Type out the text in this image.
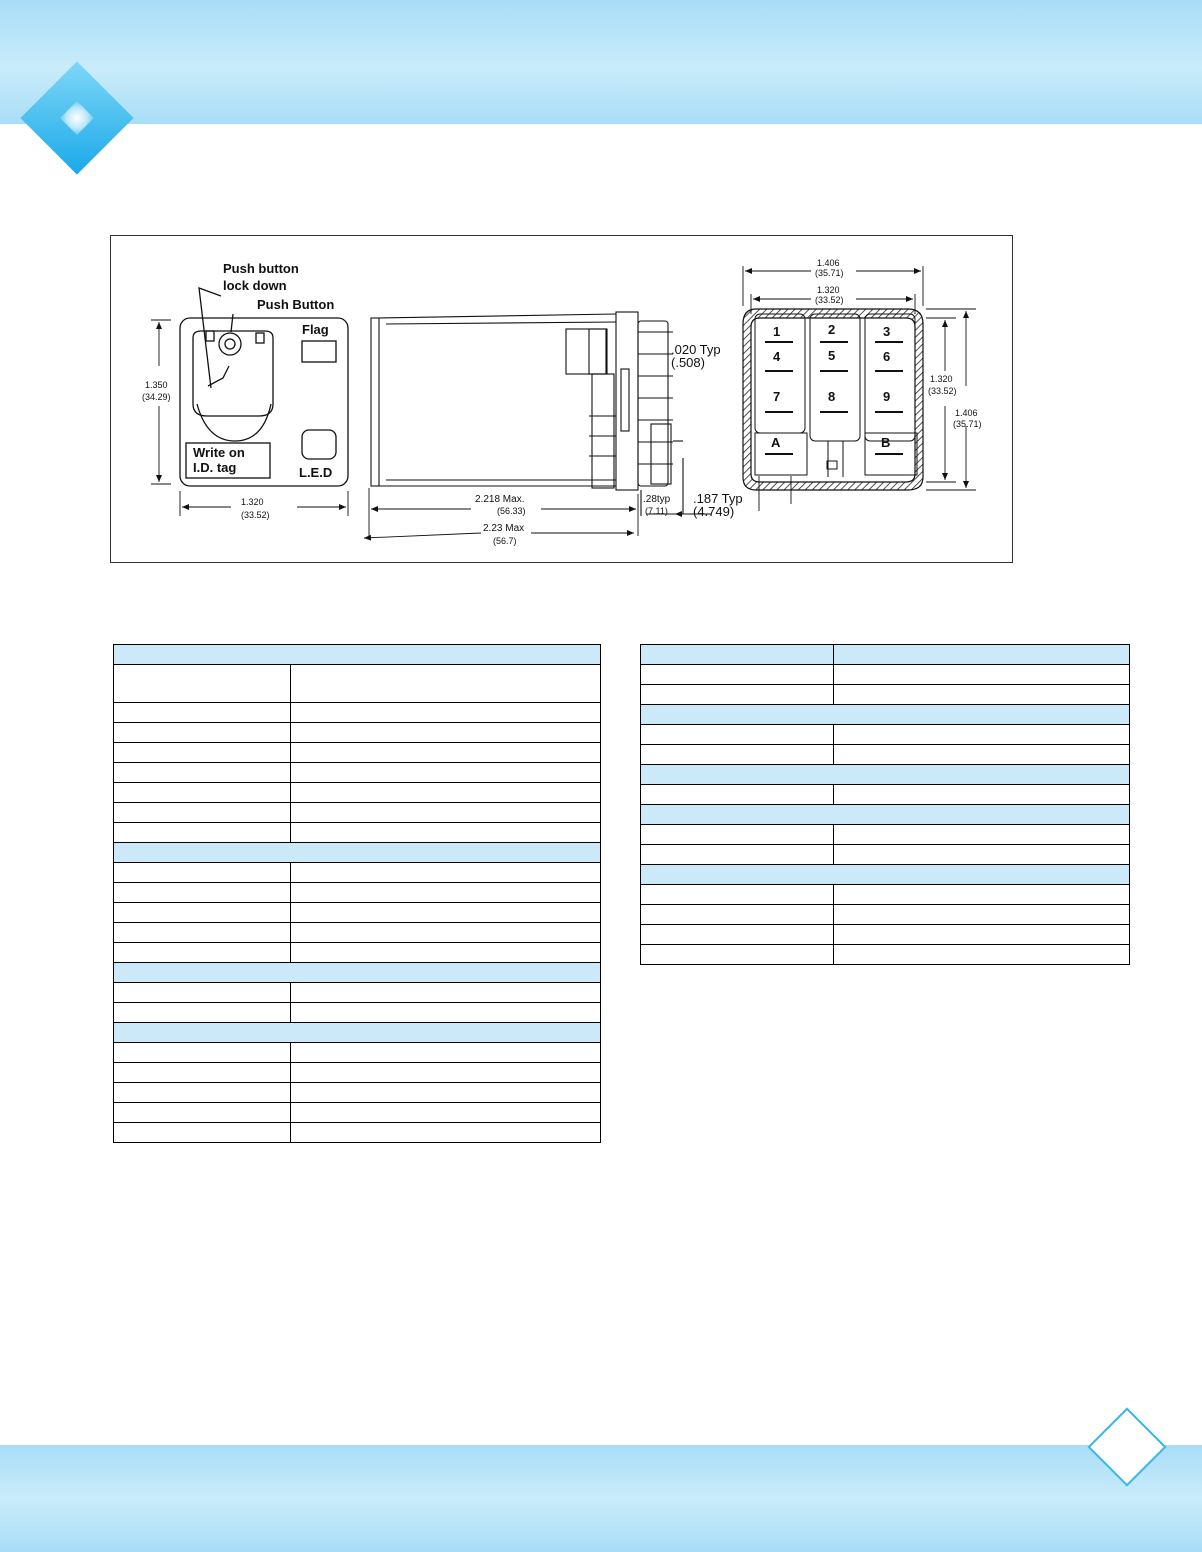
Push button
lock down
Push Button
Flag
Write on
I.D. tag	L.E.D
1.350
(34.29)
1.320
(33.52)
2.218 Max.
(56.33)
2.23 Max
(56.7)
.28typ
(7.11)
.020 Typ
(.508)
.187 Typ
(4.749)
1	2	3
4	5	6
7	8	9
A	B
1.406
(35.71)
1.320
(33.52)
1.320
(33.52)
1.406
(35.71)
